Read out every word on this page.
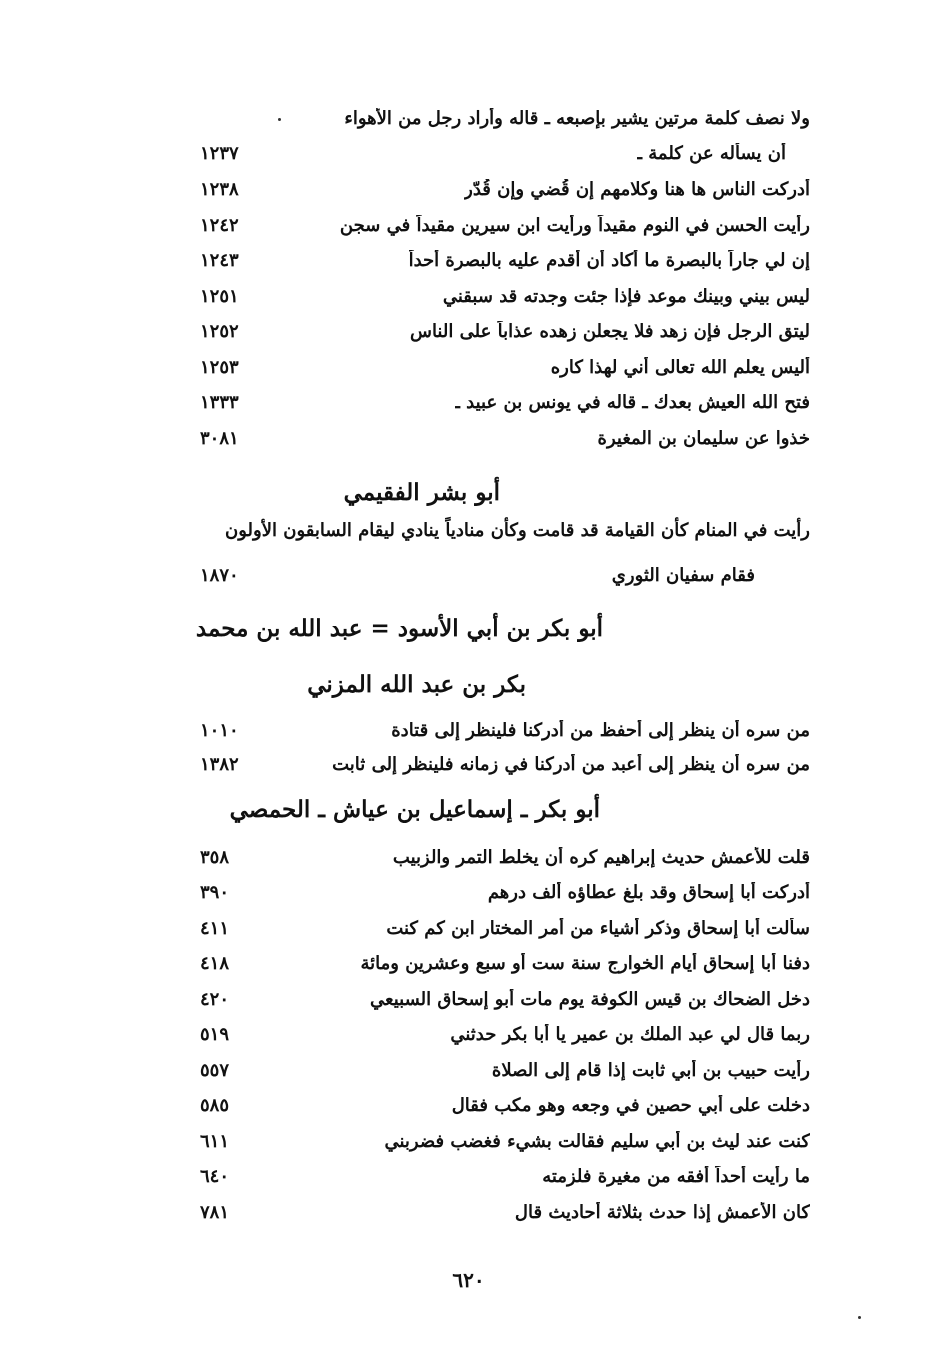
ولا نصف كلمة مرتين يشير بإصبعه ـ قاله وأراد رجل من الأهواء
١٢٣٧	أن يسأله عن كلمة ـ
١٢٣٨	أدركت الناس ها هنا وكلامهم إن قُضي وإن قُدّر
١٢٤٢	رأيت الحسن في النوم مقيداً ورأيت ابن سيرين مقيداً في سجن
١٢٤٣	إن لي جاراً بالبصرة ما أكاد أن أقدم عليه بالبصرة أحداً
١٢٥١	ليس بيني وبينك موعد فإذا جئت وجدته قد سبقني
١٢٥٢	ليتق الرجل فإن زهد فلا يجعلن زهده عذاباً على الناس
١٢٥٣	أليس يعلم الله تعالى أني لهذا كاره
١٣٣٣	فتح الله العيش بعدك ـ قاله في يونس بن عبيد ـ
٣٠٨١	خذوا عن سليمان بن المغيرة
أبو بشر الفقيمي
رأيت في المنام كأن القيامة قد قامت وكأن منادياً ينادي ليقام السابقون الأولون
١٨٧٠	فقام سفيان الثوري
أبو بكر بن أبي الأسود = عبد الله بن محمد
بكر بن عبد الله المزني
١٠١٠	من سره أن ينظر إلى أحفظ من أدركنا فلينظر إلى قتادة
١٣٨٢	من سره أن ينظر إلى أعبد من أدركنا في زمانه فلينظر إلى ثابت
أبو بكر ـ إسماعيل بن عياش ـ الحمصي
٣٥٨	قلت للأعمش حديث إبراهيم كره أن يخلط التمر والزبيب
٣٩٠	أدركت أبا إسحاق وقد بلغ عطاؤه ألف درهم
٤١١	سألت أبا إسحاق وذكر أشياء من أمر المختار ابن كم كنت
٤١٨	دفنا أبا إسحاق أيام الخوارج سنة ست أو سبع وعشرين ومائة
٤٢٠	دخل الضحاك بن قيس الكوفة يوم مات أبو إسحاق السبيعي
٥١٩	ربما قال لي عبد الملك بن عمير يا أبا بكر حدثني
٥٥٧	رأيت حبيب بن أبي ثابت إذا قام إلى الصلاة
٥٨٥	دخلت على أبي حصين في وجعه وهو مكب فقال
٦١١	كنت عند ليث بن أبي سليم فقالت بشيء فغضب فضربني
٦٤٠	ما رأيت أحداً أفقه من مغيرة فلزمته
٧٨١	كان الأعمش إذا حدث بثلاثة أحاديث قال
٦٢٠
